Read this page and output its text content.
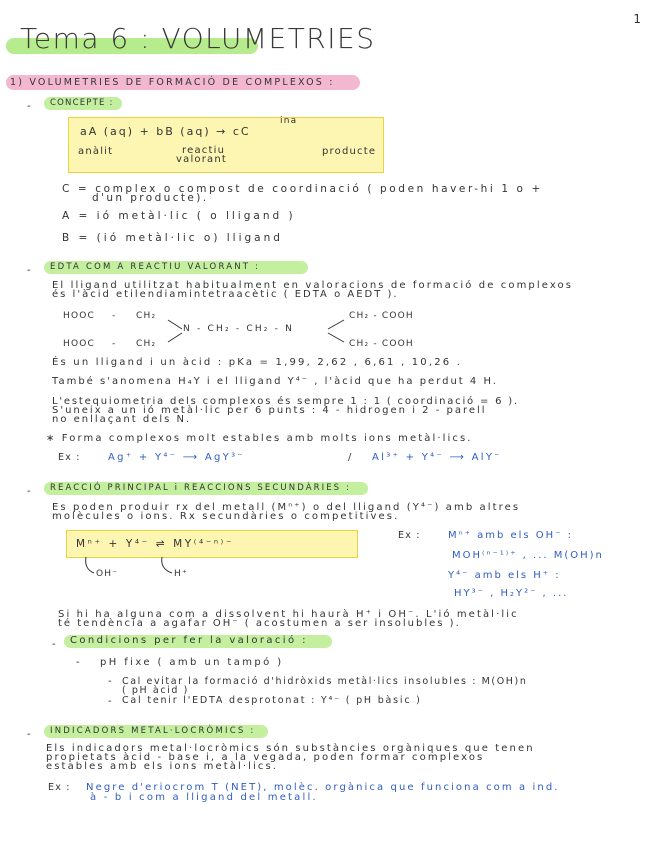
1
Tema 6 : VOLUMETRIES
1) VOLUMETRIES DE FORMACIÓ DE COMPLEXOS :
- CONCEPTE :
aA (aq) + bB (aq) → cC
ina
anàlit	reactiu
valorant
producte
C = complex o compost de coordinació ( poden haver-hi 1 o +
d'un producte).
A = ió metàl·lic ( o lligand )
B = (ió metàl·lic o) lligand
- EDTA COM A REACTIU VALORANT :
El lligand utilitzat habitualment en valoracions de formació de complexos
és l'àcid etilendiamintetraacètic ( EDTA o AEDT ).
HOOC - CH₂
HOOC - CH₂
N - CH₂ - CH₂ - N
CH₂ - COOH
CH₂ - COOH
És un lligand i un àcid : pKa = 1,99, 2,62 , 6,61 , 10,26 .
També s'anomena H₄Y i el lligand Y⁴⁻ , l'àcid que ha perdut 4 H.
L'estequiometria dels complexos és sempre 1 : 1 ( coordinació = 6 ).
S'uneix a un ió metàl·lic per 6 punts : 4 - hidrogen i 2 - parell
no enllaçant dels N.
∗ Forma complexos molt estables amb molts ions metàl·lics.
Ex :	Ag⁺ + Y⁴⁻ ⟶ AgY³⁻	/ Al³⁺ + Y⁴⁻ ⟶ AlY⁻
- REACCIÓ PRINCIPAL i REACCIONS SECUNDÀRIES :
Es poden produir rx del metall (Mⁿ⁺) o del lligand (Y⁴⁻) amb altres
molècules o ions. Rx secundàries o competitives.
Mⁿ⁺ + Y⁴⁻ ⇌ MY⁽⁴⁻ⁿ⁾⁻
OH⁻	H⁺
Ex :	Mⁿ⁺ amb els OH⁻ :
MOH⁽ⁿ⁻¹⁾⁺ , ... M(OH)n
Y⁴⁻ amb els H⁺ :
HY³⁻ , H₂Y²⁻ , ...
Si hi ha alguna com a dissolvent hi haurà H⁺ i OH⁻. L'ió metàl·lic
té tendència a agafar OH⁻ ( acostumen a ser insolubles ).
- Condicions per fer la valoració :
- pH fixe ( amb un tampó )
- Cal evitar la formació d'hidròxids metàl·lics insolubles : M(OH)n
( pH àcid )
- Cal tenir l'EDTA desprotonat : Y⁴⁻ ( pH bàsic )
- INDICADORS METAL·LOCRÒMICS :
Els indicadors metal·locròmics són substàncies orgàniques que tenen
propietats àcid - base i, a la vegada, poden formar complexos
estables amb els ions metàl·lics.
Ex : Negre d'eriocrom T (NET), molèc. orgànica que funciona com a ind.
à - b i com a lligand del metall.
